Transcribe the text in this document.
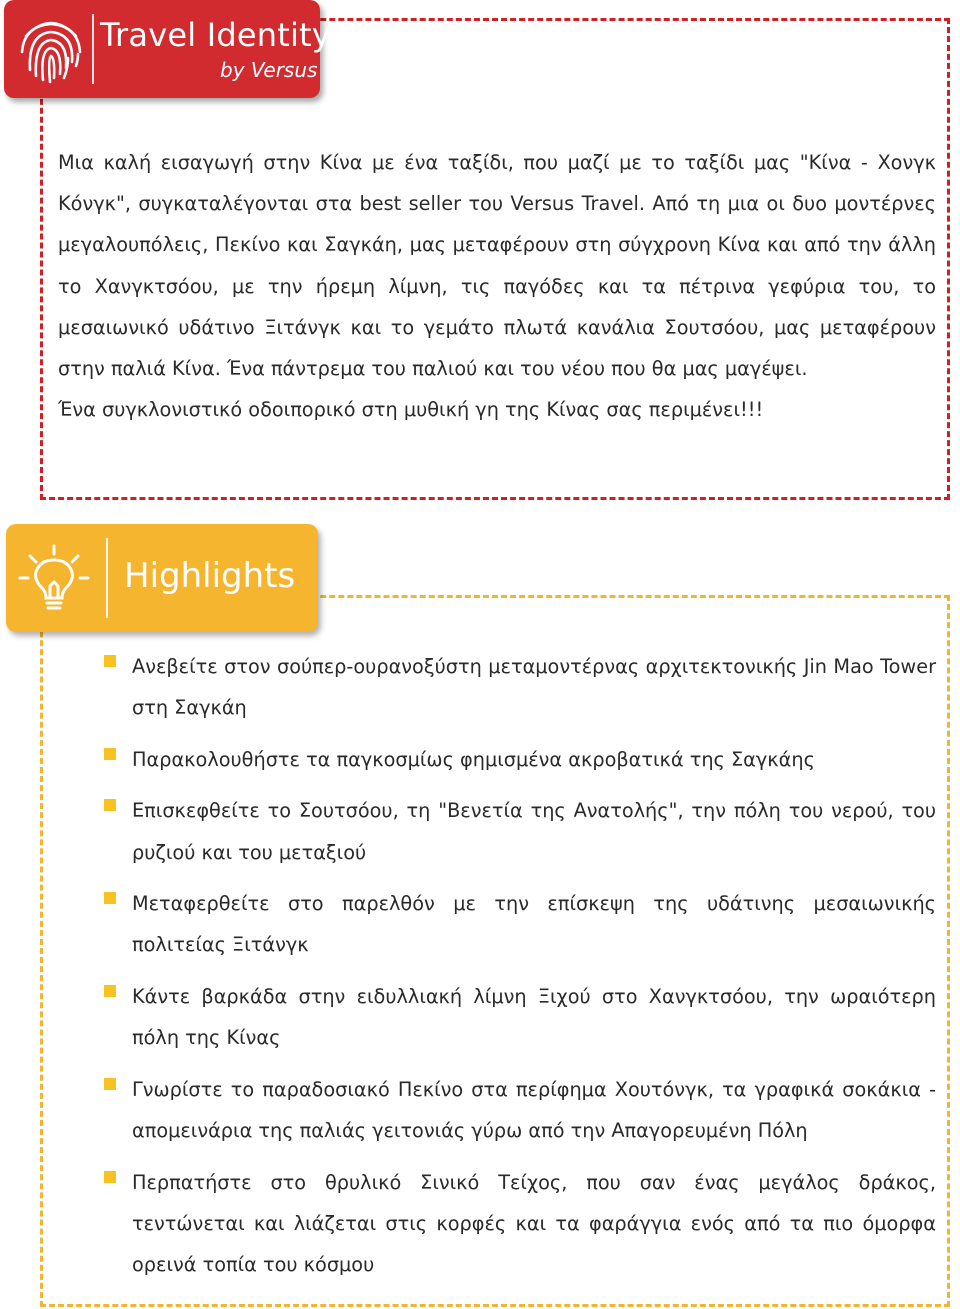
Travel Identity
by Versus

Μια καλή εισαγωγή στην Κίνα με ένα ταξίδι, που μαζί με το ταξίδι μας "Κίνα - Χονγκ Κόνγκ", συγκαταλέγονται στα best seller του Versus Travel. Από τη μια οι δυο μοντέρνες μεγαλουπόλεις, Πεκίνο και Σαγκάη, μας μεταφέρουν στη σύγχρονη Κίνα και από την άλλη το Χανγκτσόου, με την ήρεμη λίμνη, τις παγόδες και τα πέτρινα γεφύρια του, το μεσαιωνικό υδάτινο Ξιτάνγκ και το γεμάτο πλωτά κανάλια Σουτσόου, μας μεταφέρουν στην παλιά Κίνα. Ένα πάντρεμα του παλιού και του νέου που θα μας μαγέψει.

Ένα συγκλονιστικό οδοιπορικό στη μυθική γη της Κίνας σας περιμένει!!!

Highlights
Ανεβείτε στον σούπερ-ουρανοξύστη μεταμοντέρνας αρχιτεκτονικής Jin Mao Tower στη Σαγκάη
Παρακολουθήστε τα παγκοσμίως φημισμένα ακροβατικά της Σαγκάης
Επισκεφθείτε το Σουτσόου, τη "Βενετία της Ανατολής", την πόλη του νερού, του ρυζιού και του μεταξιού
Μεταφερθείτε στο παρελθόν με την επίσκεψη της υδάτινης μεσαιωνικής πολιτείας Ξιτάνγκ
Κάντε βαρκάδα στην ειδυλλιακή λίμνη Ξιχού στο Χανγκτσόου, την ωραιότερη πόλη της Κίνας
Γνωρίστε το παραδοσιακό Πεκίνο στα περίφημα Χουτόνγκ, τα γραφικά σοκάκια - απομεινάρια της παλιάς γειτονιάς γύρω από την Απαγορευμένη Πόλη
Περπατήστε στο θρυλικό Σινικό Τείχος, που σαν ένας μεγάλος δράκος, τεντώνεται και λιάζεται στις κορφές και τα φαράγγια ενός από τα πιο όμορφα ορεινά τοπία του κόσμου
